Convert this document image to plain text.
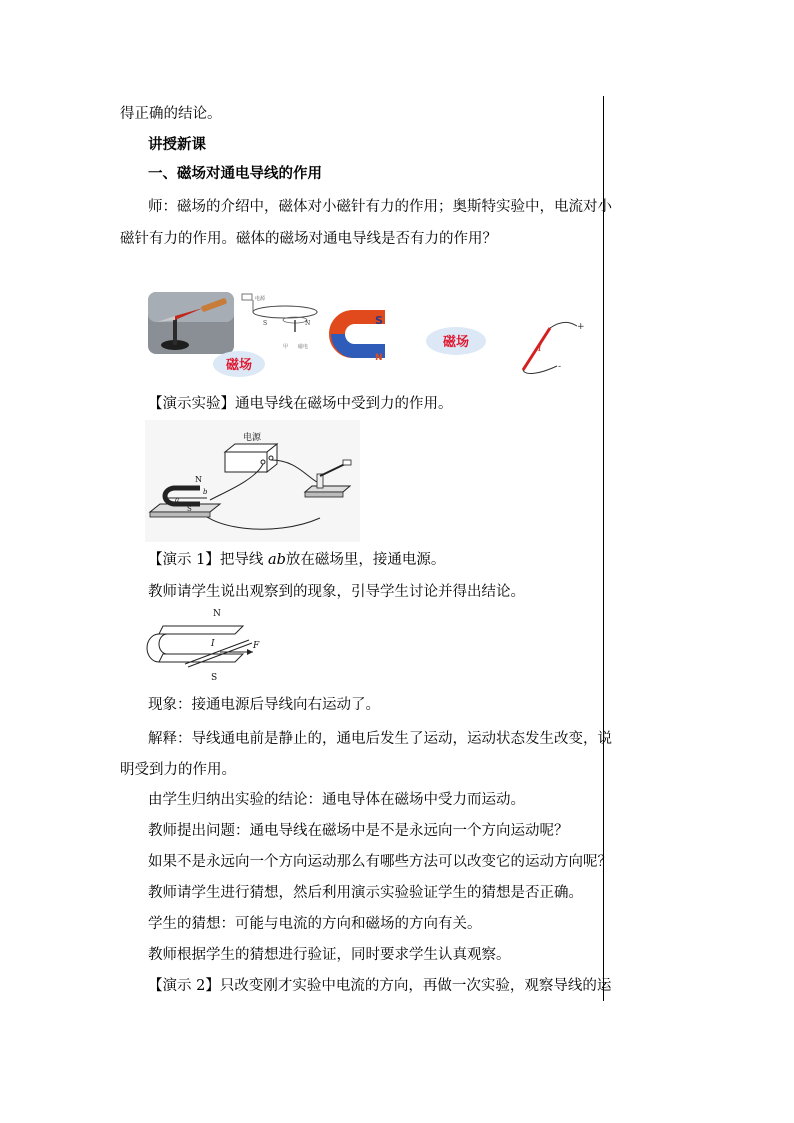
得正确的结论。
讲授新课
一、磁场对通电导线的作用
师：磁场的介绍中，磁体对小磁针有力的作用；奥斯特实验中，电流对小
磁针有力的作用。磁体的磁场对通电导线是否有力的作用？
电源
S	N
甲　　磁电
磁场
S
N
磁场
+
-
I
【演示实验】通电导线在磁场中受到力的作用。
电源
N
S
a
b
【演示 1】把导线 ab放在磁场里，接通电源。
教师请学生说出观察到的现象，引导学生讨论并得出结论。
N
I	F
S
现象：接通电源后导线向右运动了。
解释：导线通电前是静止的，通电后发生了运动，运动状态发生改变，说
明受到力的作用。
由学生归纳出实验的结论：通电导体在磁场中受力而运动。
教师提出问题：通电导线在磁场中是不是永远向一个方向运动呢？
如果不是永远向一个方向运动那么有哪些方法可以改变它的运动方向呢？
教师请学生进行猜想，然后利用演示实验验证学生的猜想是否正确。
学生的猜想：可能与电流的方向和磁场的方向有关。
教师根据学生的猜想进行验证，同时要求学生认真观察。
【演示 2】只改变刚才实验中电流的方向，再做一次实验，观察导线的运
